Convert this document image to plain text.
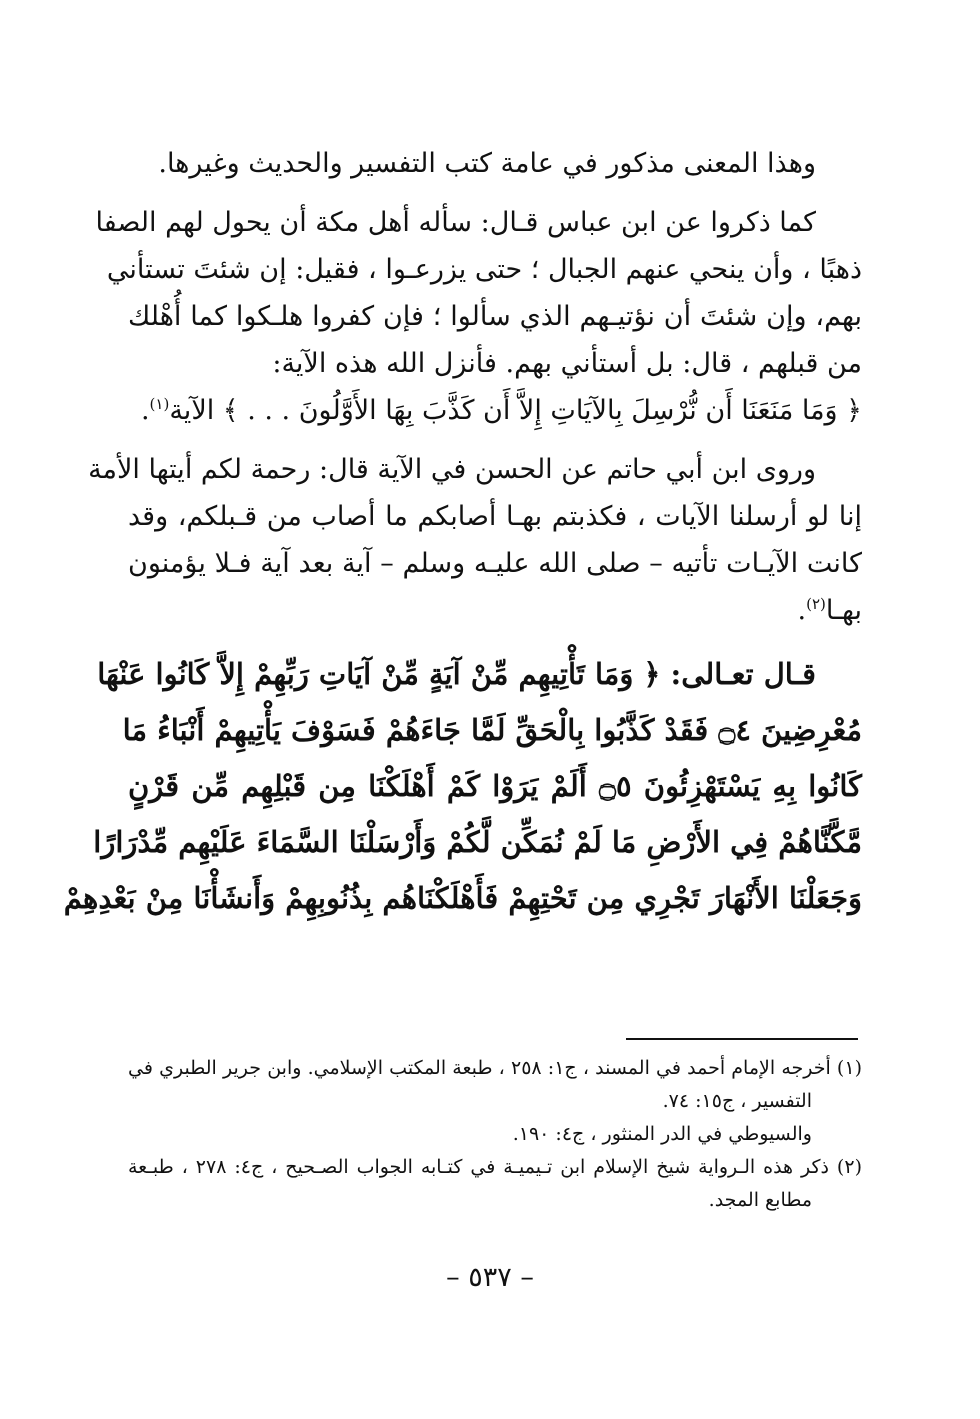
وهذا المعنى مذكور في عامة كتب التفسير والحديث وغيرها.
كما ذكروا عن ابن عباس قـال: سأله أهل مكة أن يحول لهم الصفا
ذهبًا ، وأن ينحي عنهم الجبال ؛ حتى يزرعـوا ، فقيل: إن شئتَ تستأني
بهم، وإن شئتَ أن نؤتيـهم الذي سألوا ؛ فإن كفروا هلـكوا كما أُهْلك
من قبلهم ، قال: بل أستأني بهم. فأنزل الله هذه الآية:
﴿ وَمَا مَنَعَنَا أَن نُّرْسِلَ بِالآيَاتِ إِلاَّ أَن كَذَّبَ بِهَا الأَوَّلُونَ . . . ﴾ الآية$^{(١)}$.
وروى ابن أبي حاتم عن الحسن في الآية قال: رحمة لكم أيتها الأمة
إنا لو أرسلنا الآيات ، فكذبتم بهـا أصابكم ما أصاب من قـبلكم، وقد
كانت الآيـات تأتيه – صلى الله عليـه وسلم – آية بعد آية فـلا يؤمنون
بهـا$^{(٢)}$.
قـال تعـالى: ﴿ وَمَا تَأْتِيهِم مِّنْ آيَةٍ مِّنْ آيَاتِ رَبِّهِمْ إِلاَّ كَانُوا عَنْهَا
مُعْرِضِينَ ۝٤ فَقَدْ كَذَّبُوا بِالْحَقِّ لَمَّا جَاءَهُمْ فَسَوْفَ يَأْتِيهِمْ أَنْبَاءُ مَا
كَانُوا بِهِ يَسْتَهْزِئُونَ ۝٥ أَلَمْ يَرَوْا كَمْ أَهْلَكْنَا مِن قَبْلِهِم مِّن قَرْنٍ
مَّكَّنَّاهُمْ فِي الأَرْضِ مَا لَمْ نُمَكِّن لَّكُمْ وَأَرْسَلْنَا السَّمَاءَ عَلَيْهِم مِّدْرَارًا
وَجَعَلْنَا الأَنْهَارَ تَجْرِي مِن تَحْتِهِمْ فَأَهْلَكْنَاهُم بِذُنُوبِهِمْ وَأَنشَأْنَا مِنْ بَعْدِهِمْ
(١) أخرجه الإمام أحمد في المسند ، ج١: ٢٥٨ ، طبعة المكتب الإسلامي. وابن جرير الطبري في
التفسير ، ج١٥: ٧٤.
والسيوطي في الدر المنثور ، ج٤: ١٩٠.
(٢) ذكر هذه الـرواية شيخ الإسلام ابن تـيميـة في كتـابه الجواب الصـحيح ، ج٤: ٢٧٨ ، طبـعة
مطابع المجد.
– ٥٣٧ –
